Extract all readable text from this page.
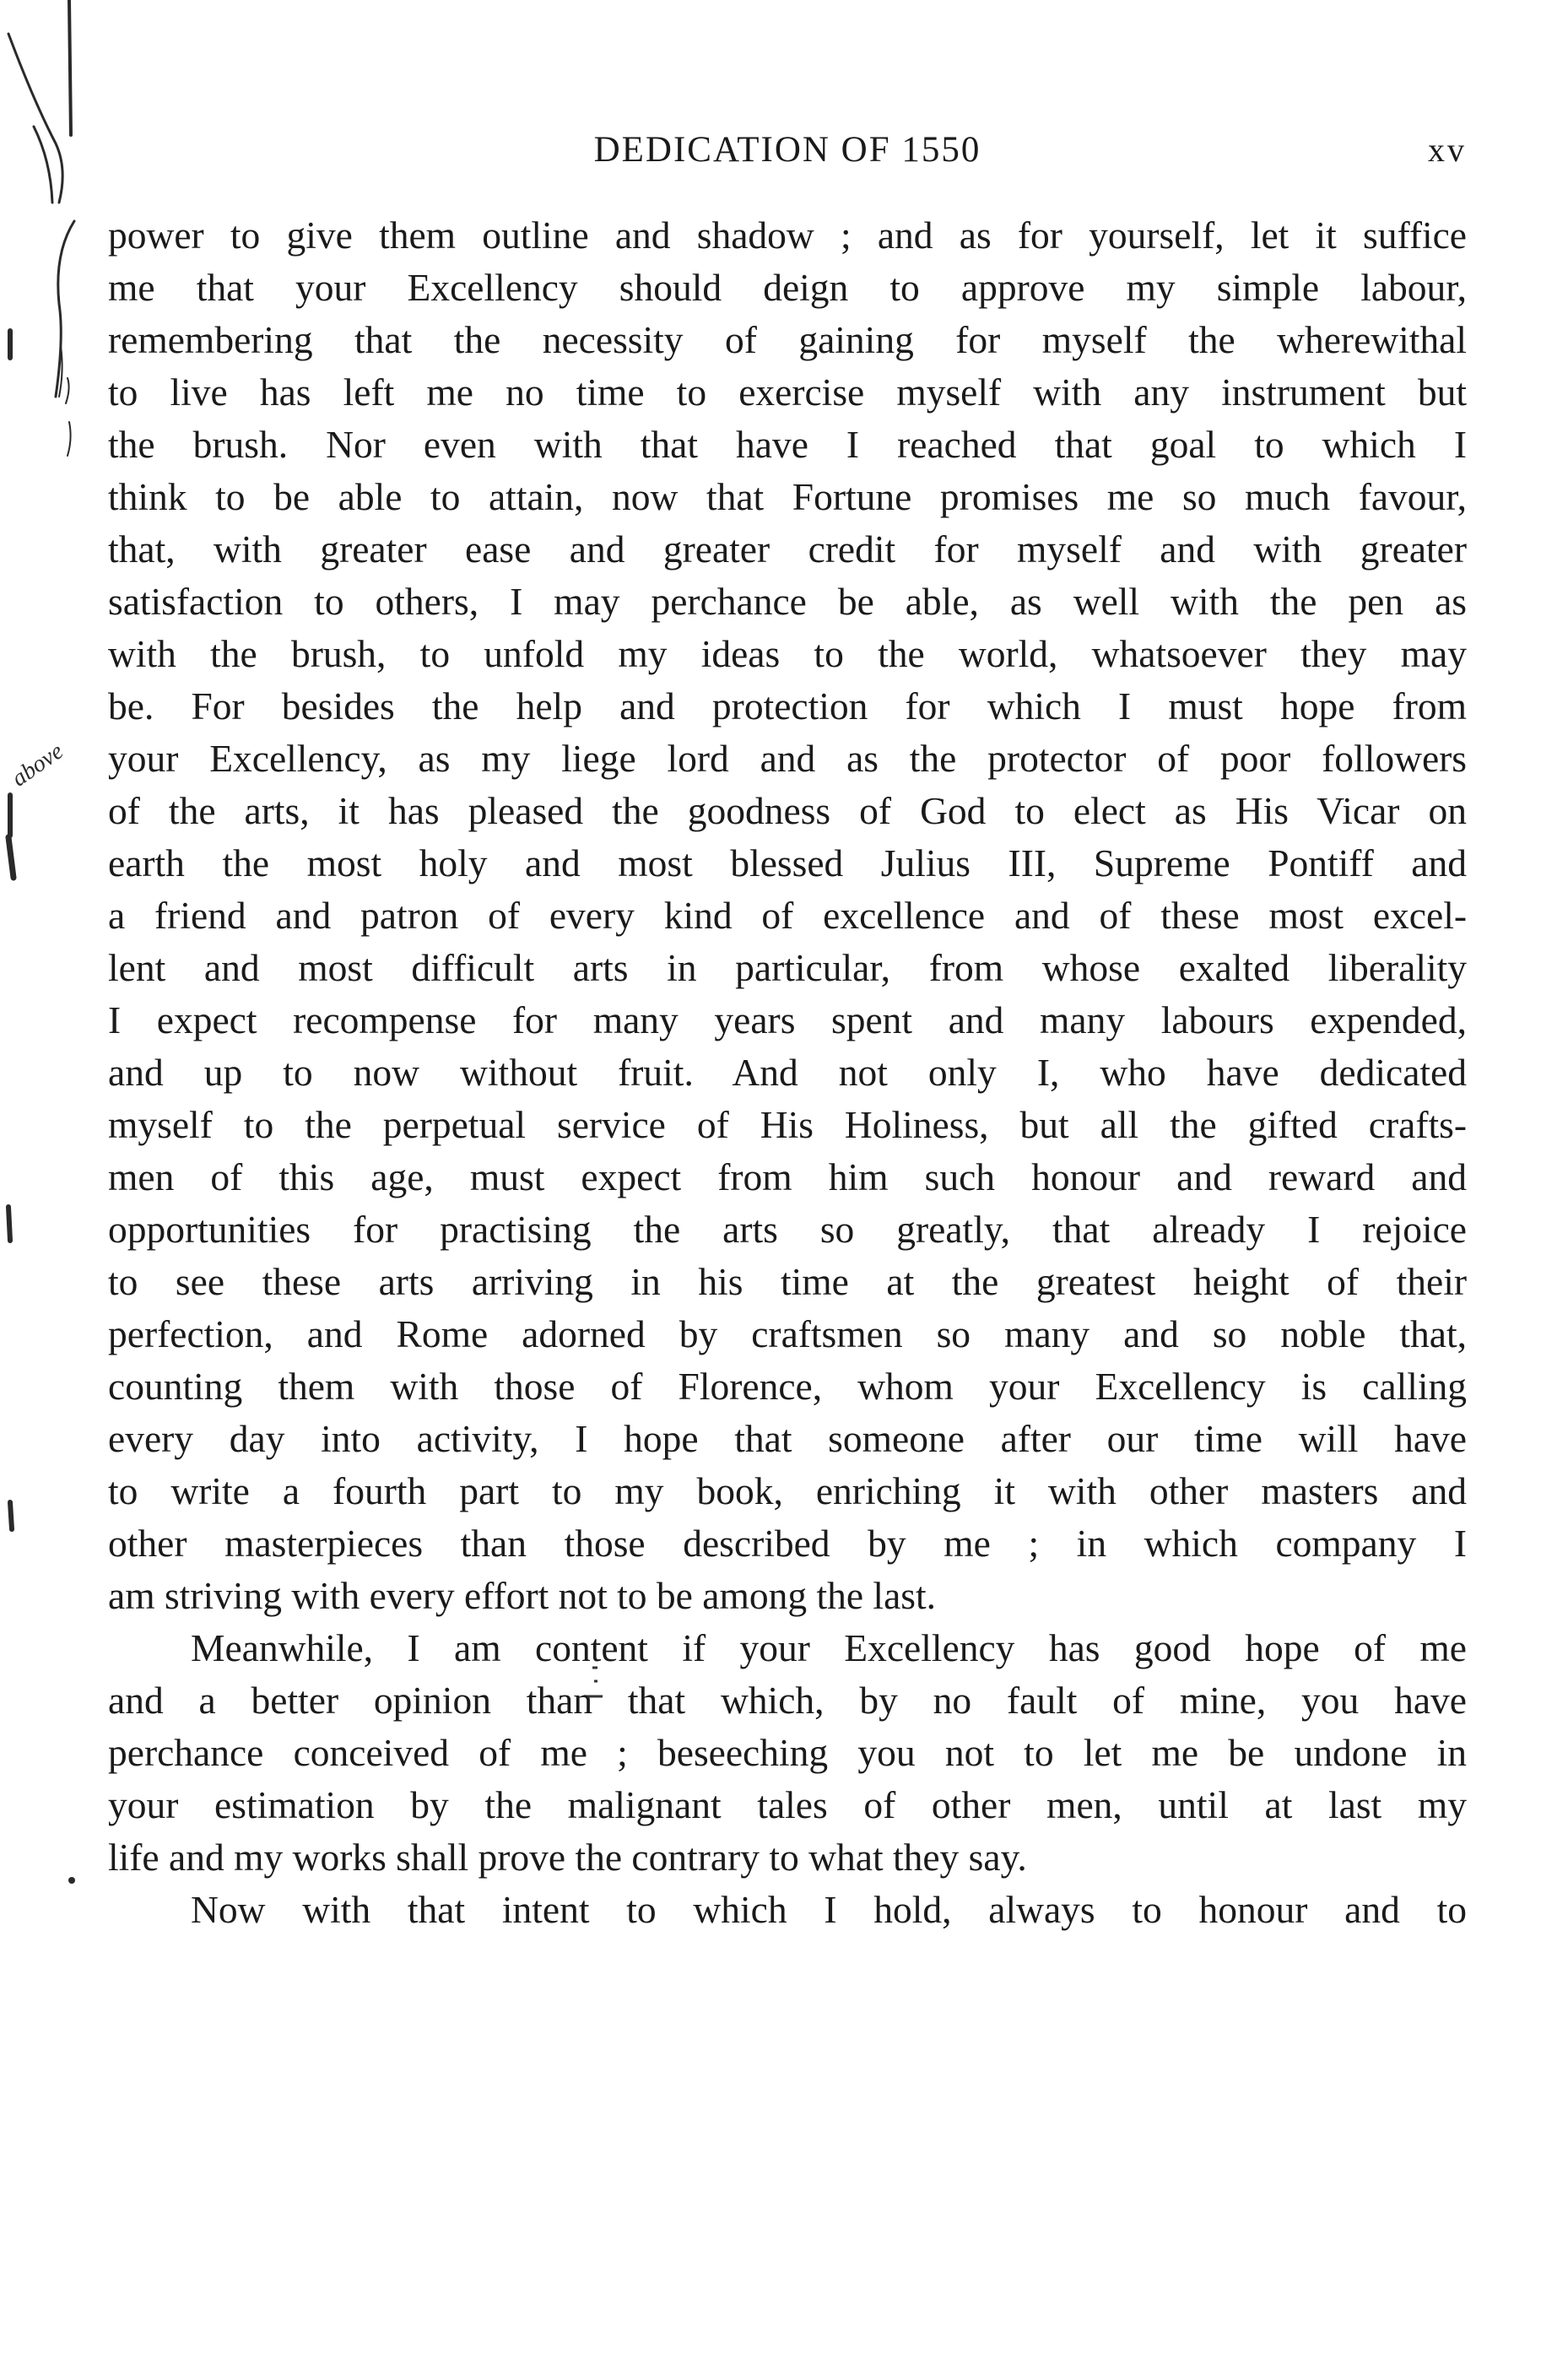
above
DEDICATION OF 1550	xv
power to give them outline and shadow ; and as for yourself, let it suffice
me that your Excellency should deign to approve my simple labour,
remembering that the necessity of gaining for myself the wherewithal
to live has left me no time to exercise myself with any instrument but
the brush. Nor even with that have I reached that goal to which I
think to be able to attain, now that Fortune promises me so much favour,
that, with greater ease and greater credit for myself and with greater
satisfaction to others, I may perchance be able, as well with the pen as
with the brush, to unfold my ideas to the world, whatsoever they may
be. For besides the help and protection for which I must hope from
your Excellency, as my liege lord and as the protector of poor followers
of the arts, it has pleased the goodness of God to elect as His Vicar on
earth the most holy and most blessed Julius III, Supreme Pontiff and
a friend and patron of every kind of excellence and of these most excel-
lent and most difficult arts in particular, from whose exalted liberality
I expect recompense for many years spent and many labours expended,
and up to now without fruit. And not only I, who have dedicated
myself to the perpetual service of His Holiness, but all the gifted crafts-
men of this age, must expect from him such honour and reward and
opportunities for practising the arts so greatly, that already I rejoice
to see these arts arriving in his time at the greatest height of their
perfection, and Rome adorned by craftsmen so many and so noble that,
counting them with those of Florence, whom your Excellency is calling
every day into activity, I hope that someone after our time will have
to write a fourth part to my book, enriching it with other masters and
other masterpieces than those described by me ; in which company I
am striving with every effort not to be among the last.
Meanwhile, I am content if your Excellency has good hope of me
and a better opinion than that which, by no fault of mine, you have
perchance conceived of me ; beseeching you not to let me be undone in
your estimation by the malignant tales of other men, until at last my
life and my works shall prove the contrary to what they say.
Now with that intent to which I hold, always to honour and to
